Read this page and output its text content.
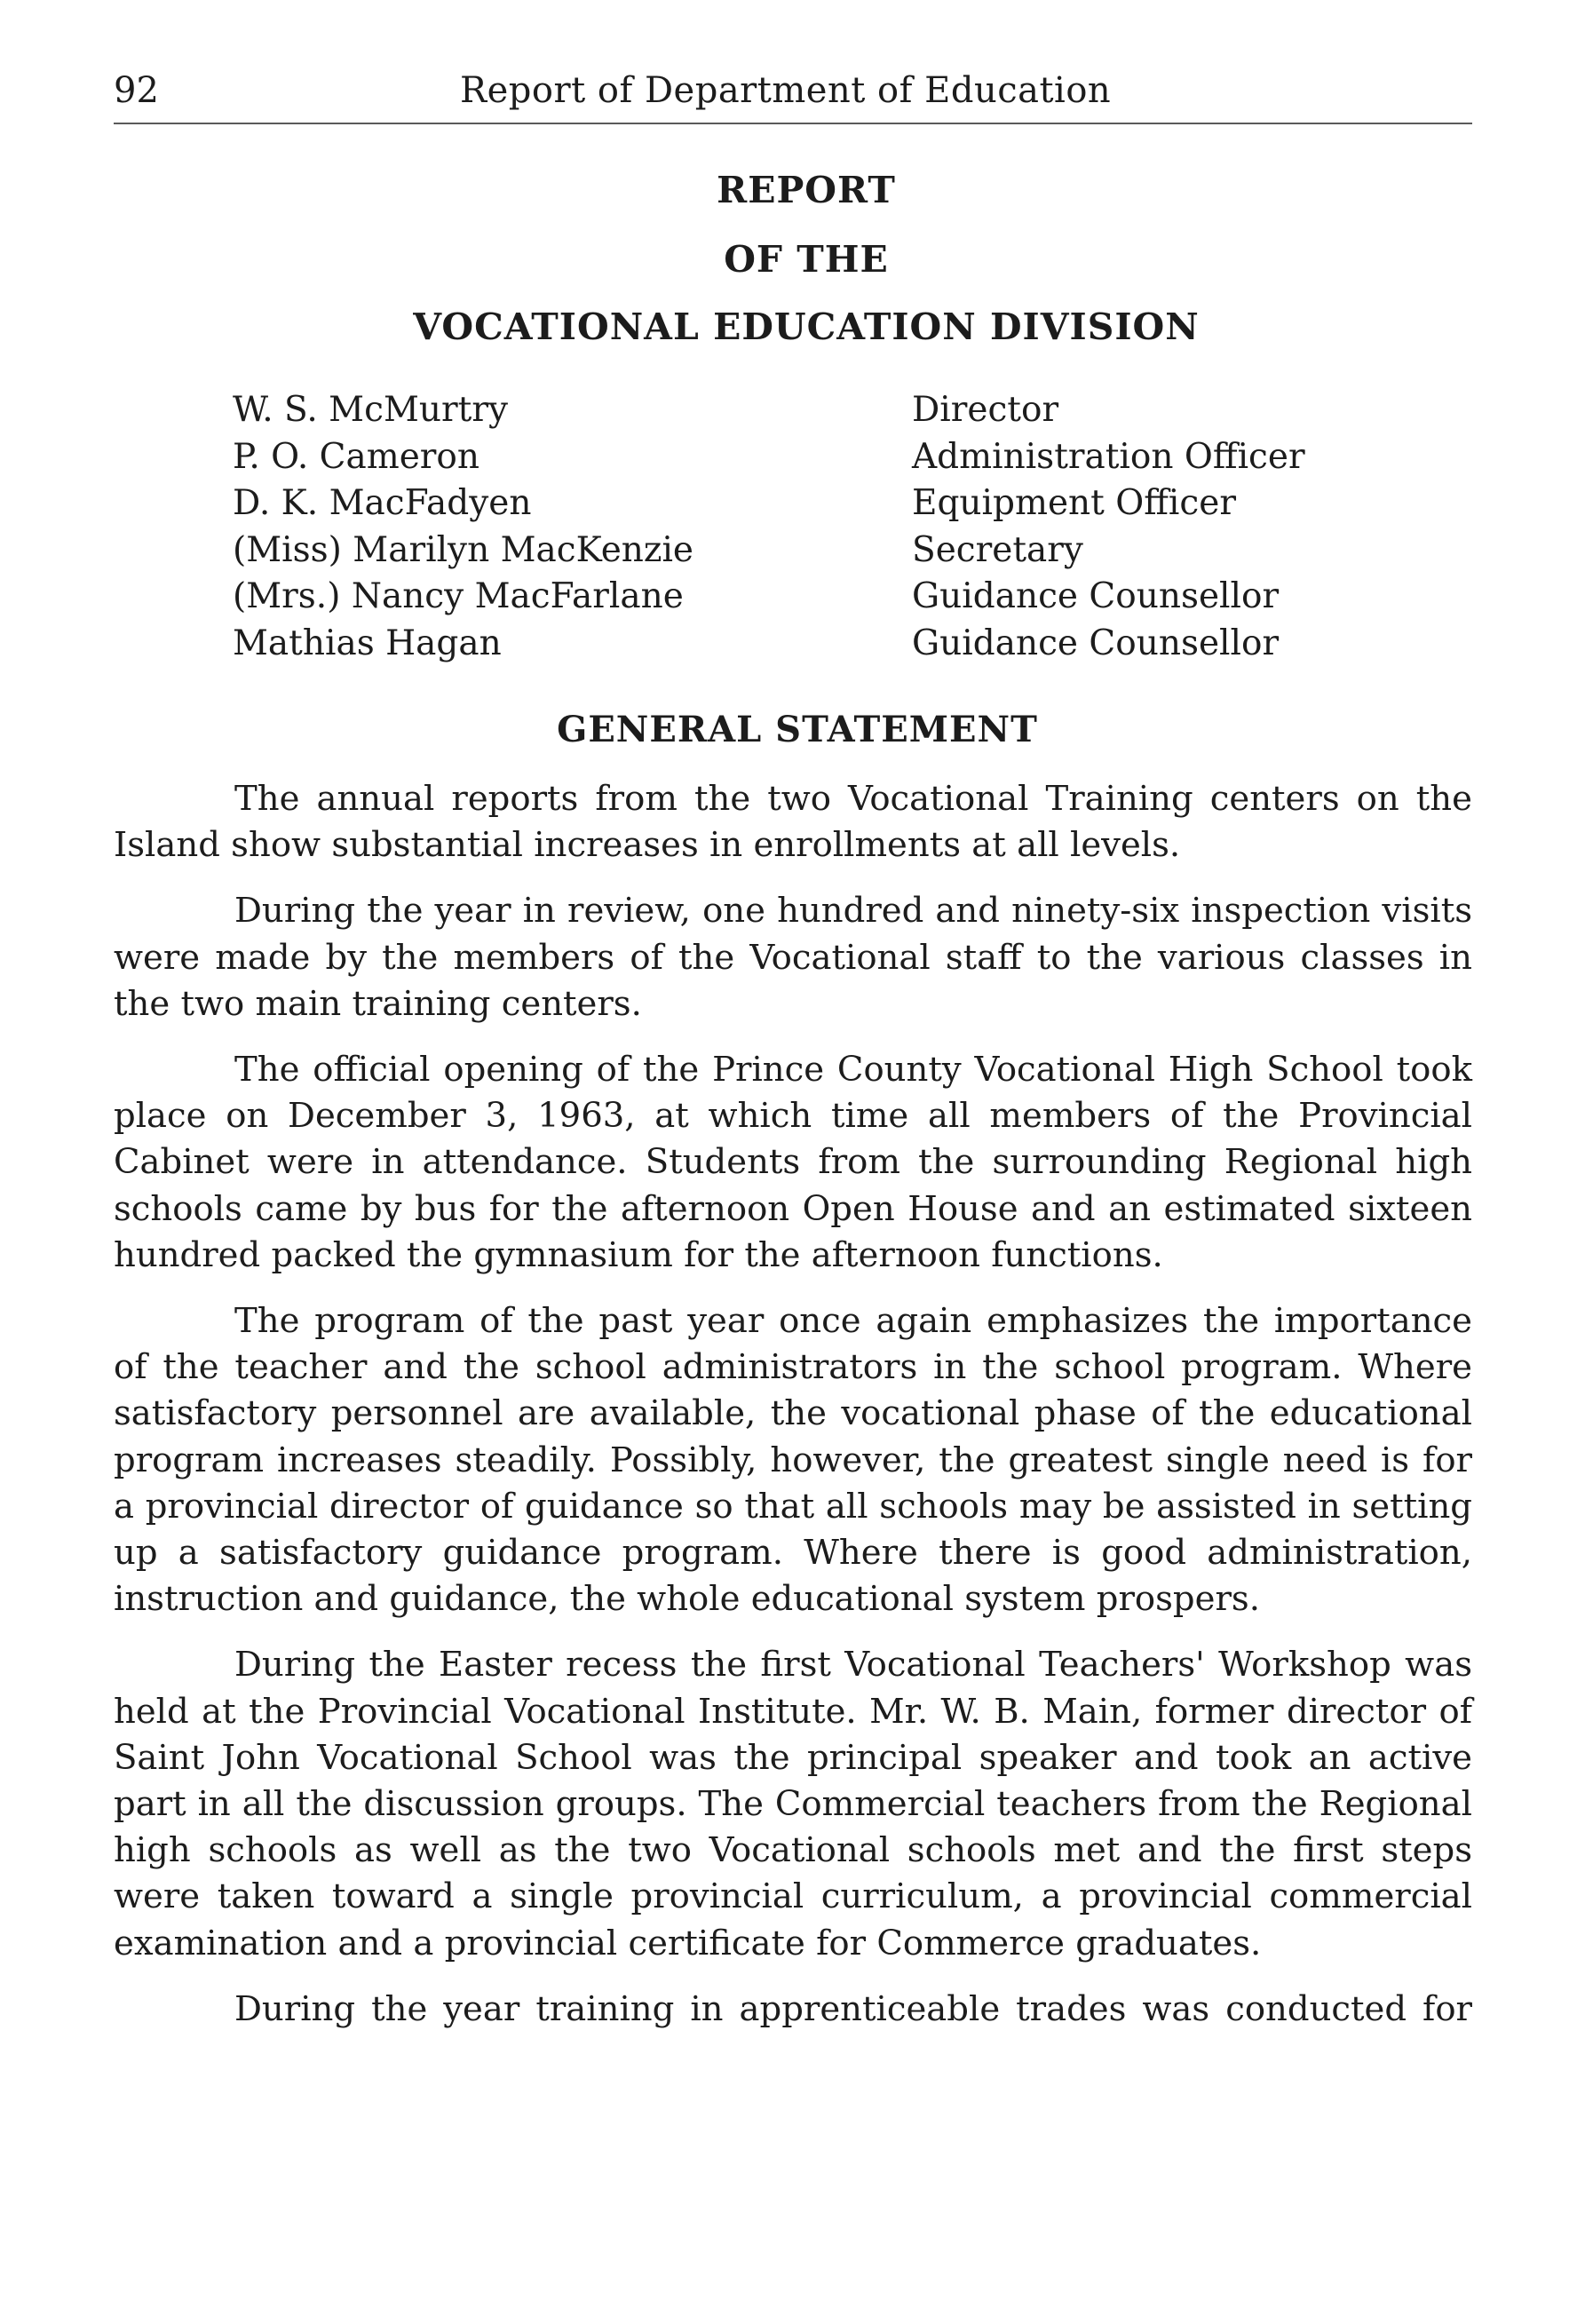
92	Report of Department of Education
REPORT
OF THE
VOCATIONAL EDUCATION DIVISION
W. S. McMurtry	Director
P. O. Cameron	Administration Officer
D. K. MacFadyen	Equipment Officer
(Miss) Marilyn MacKenzie	Secretary
(Mrs.) Nancy MacFarlane	Guidance Counsellor
Mathias Hagan	Guidance Counsellor
GENERAL STATEMENT

The annual reports from the two Vocational Training centers on the Island show substantial increases in enrollments at all levels.

During the year in review, one hundred and ninety-six inspection visits were made by the members of the Vocational staff to the various classes in the two main training centers.

The official opening of the Prince County Vocational High School took place on December 3, 1963, at which time all members of the Provincial Cabinet were in attendance. Students from the surrounding Regional high schools came by bus for the afternoon Open House and an estimated sixteen hundred packed the gymnasium for the afternoon functions.

The program of the past year once again emphasizes the importance of the teacher and the school administrators in the school program. Where satisfactory personnel are available, the vocational phase of the educational program increases steadily. Possibly, however, the greatest single need is for a provincial director of guidance so that all schools may be assisted in setting up a satisfactory guidance program. Where there is good administration, instruction and guidance, the whole educational system prospers.

During the Easter recess the first Vocational Teachers' Workshop was held at the Provincial Vocational Institute. Mr. W. B. Main, former director of Saint John Vocational School was the principal speaker and took an active part in all the discussion groups. The Commercial teachers from the Regional high schools as well as the two Vocational schools met and the first steps were taken toward a single provincial curriculum, a provincial commercial examination and a provincial certificate for Commerce graduates.

During the year training in apprenticeable trades was conducted for
